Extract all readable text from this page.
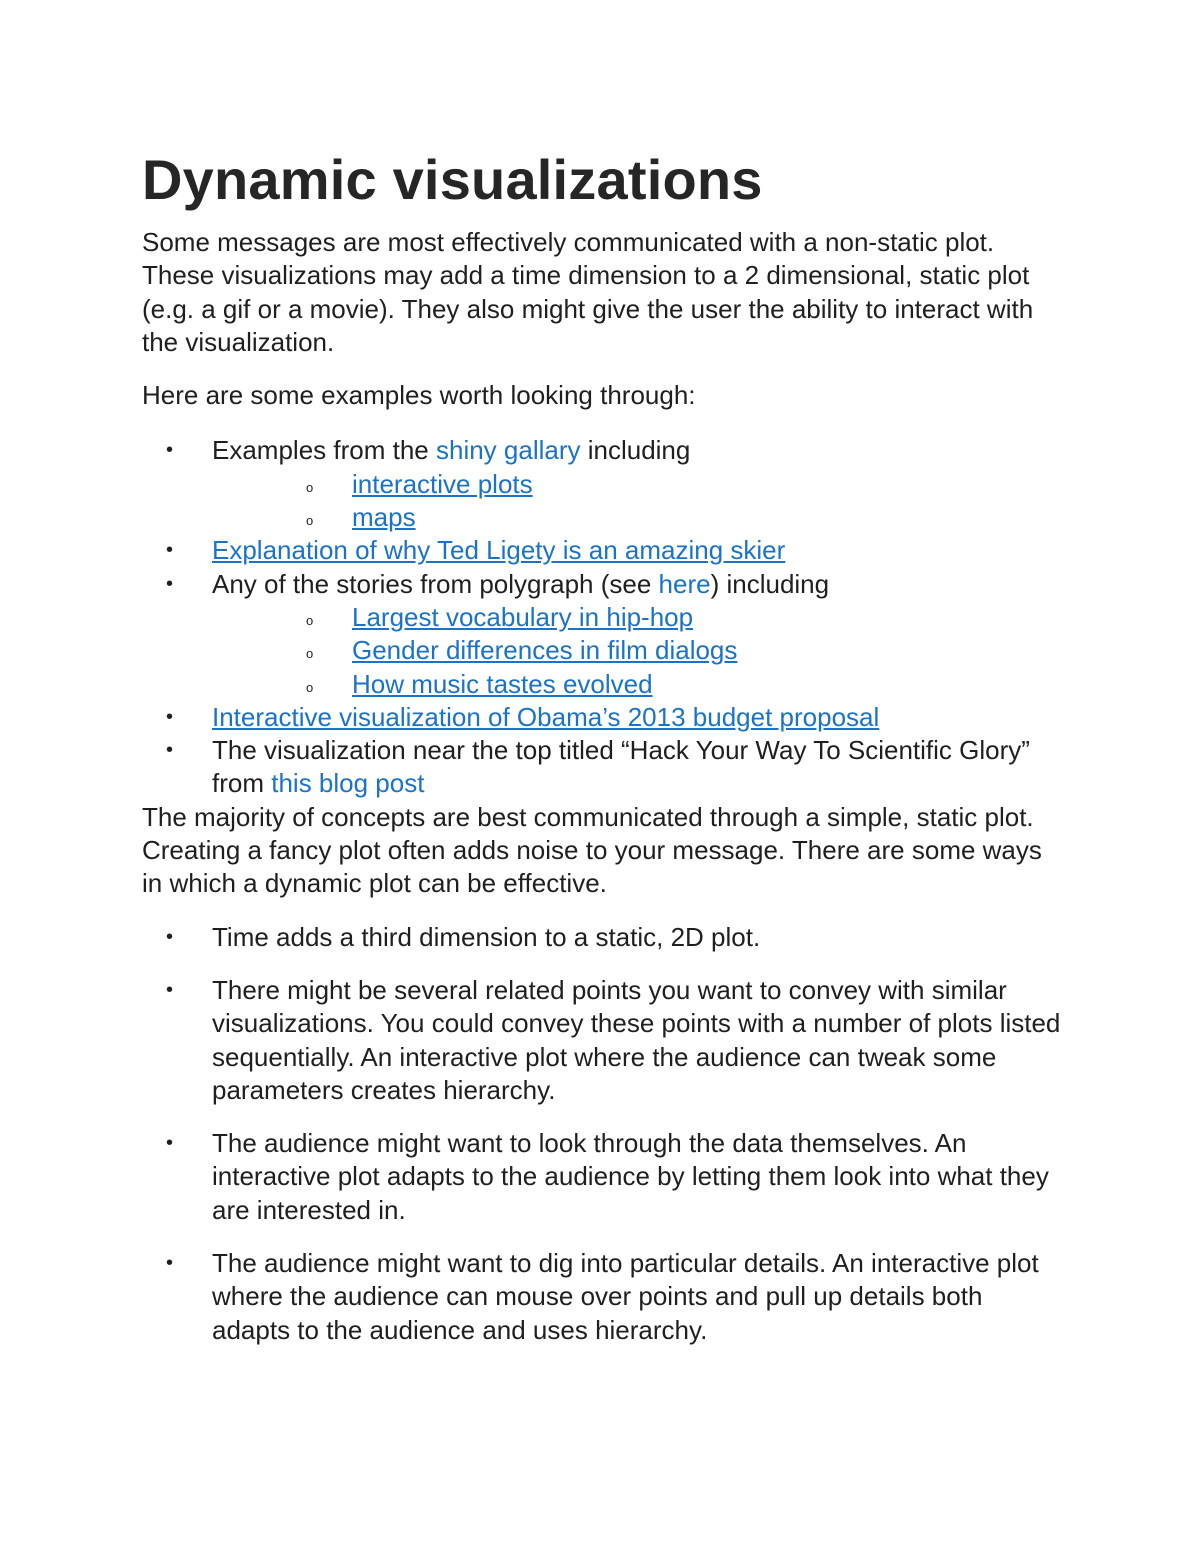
Dynamic visualizations

Some messages are most effectively communicated with a non-static plot. These visualizations may add a time dimension to a 2 dimensional, static plot (e.g. a gif or a movie). They also might give the user the ability to interact with the visualization.

Here are some examples worth looking through:

• Examples from the shiny gallary including
o interactive plots
o maps
• Explanation of why Ted Ligety is an amazing skier
• Any of the stories from polygraph (see here) including
o Largest vocabulary in hip-hop
o Gender differences in film dialogs
o How music tastes evolved
• Interactive visualization of Obama’s 2013 budget proposal
• The visualization near the top titled “Hack Your Way To Scientific Glory” from this blog post

The majority of concepts are best communicated through a simple, static plot. Creating a fancy plot often adds noise to your message. There are some ways in which a dynamic plot can be effective.

• Time adds a third dimension to a static, 2D plot.
• There might be several related points you want to convey with similar visualizations. You could convey these points with a number of plots listed sequentially. An interactive plot where the audience can tweak some parameters creates hierarchy.
• The audience might want to look through the data themselves. An interactive plot adapts to the audience by letting them look into what they are interested in.
• The audience might want to dig into particular details. An interactive plot where the audience can mouse over points and pull up details both adapts to the audience and uses hierarchy.
